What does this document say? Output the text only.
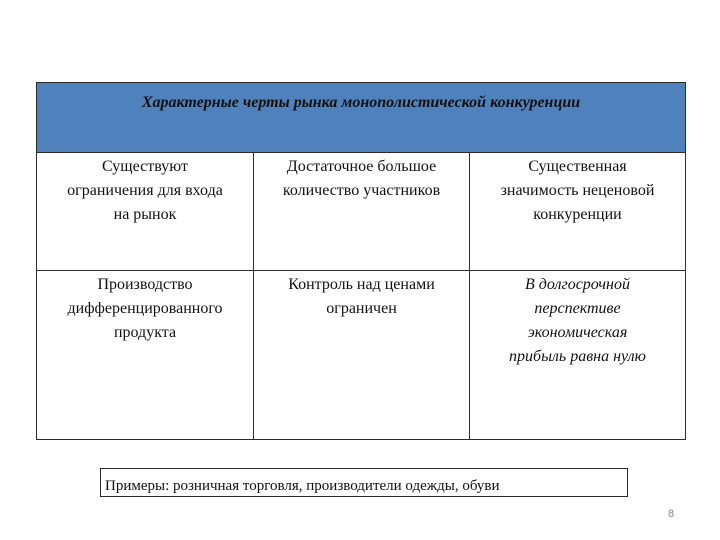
Характерные черты рынка монополистической конкуренции
Существуют
ограничения для входа
на рынок
Достаточное большое
количество участников
Существенная
значимость неценовой
конкуренции
Производство
дифференцированного
продукта
Контроль над ценами
ограничен
В долгосрочной
перспективе
экономическая
прибыль равна нулю
Примеры: розничная торговля, производители одежды, обуви
8
